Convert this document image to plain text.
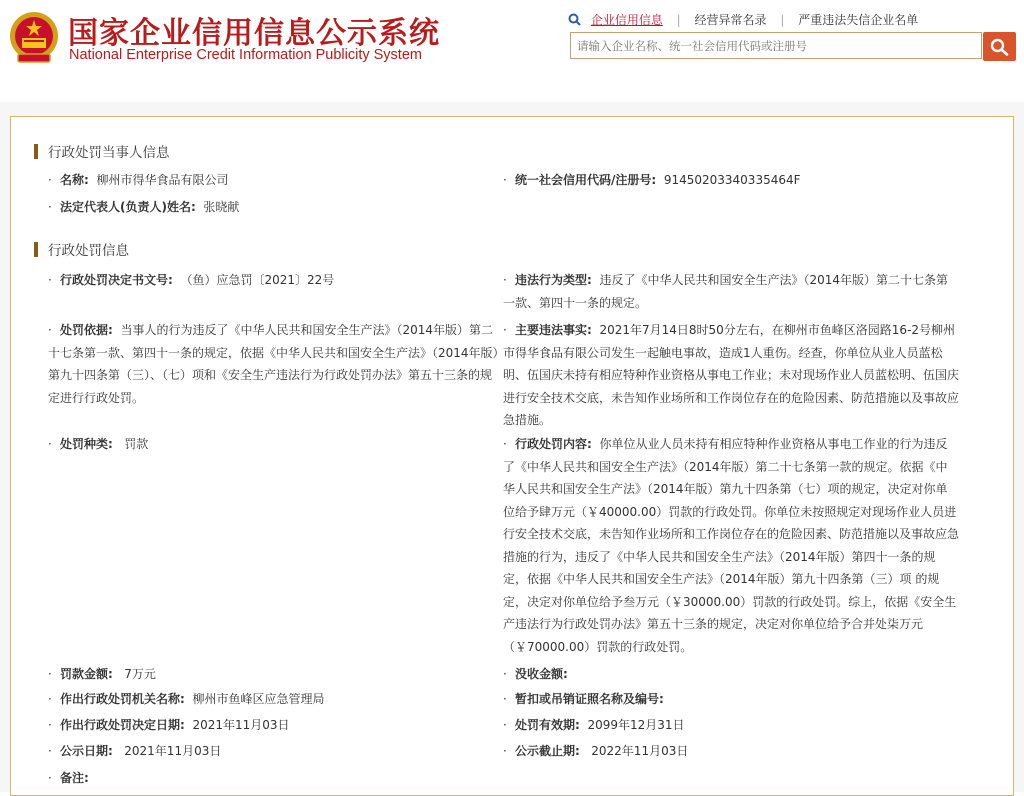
国家企业信用信息公示系统
National Enterprise Credit Information Publicity System
企业信用信息 | 经营异常名录 | 严重违法失信企业名单
请输入企业名称、统一社会信用代码或注册号
行政处罚当事人信息
· 名称: 柳州市得华食品有限公司	· 统一社会信用代码/注册号: 91450203340335464F
· 法定代表人(负责人)姓名: 张晓献
行政处罚信息
· 行政处罚决定书文号: （鱼）应急罚〔2021〕22号	· 违法行为类型: 违反了《中华人民共和国安全生产法》（2014年版）第二十七条第一款、第四十一条的规定。
· 处罚依据: 当事人的行为违反了《中华人民共和国安全生产法》（2014年版）第二十七条第一款、第四十一条的规定，依据《中华人民共和国安全生产法》（2014年版）第九十四条第（三）、（七）项和《安全生产违法行为行政处罚办法》第五十三条的规定进行行政处罚。
· 主要违法事实: 2021年7月14日8时50分左右，在柳州市鱼峰区洛园路16-2号柳州市得华食品有限公司发生一起触电事故，造成1人重伤。经查，你单位从业人员蓝松明、伍国庆未持有相应特种作业资格从事电工作业；未对现场作业人员蓝松明、伍国庆进行安全技术交底，未告知作业场所和工作岗位存在的危险因素、防范措施以及事故应急措施。
· 处罚种类: 罚款	· 行政处罚内容: 你单位从业人员未持有相应特种作业资格从事电工作业的行为违反了《中华人民共和国安全生产法》（2014年版）第二十七条第一款的规定。依据《中华人民共和国安全生产法》（2014年版）第九十四条第（七）项的规定，决定对你单位给予肆万元（￥40000.00）罚款的行政处罚。你单位未按照规定对现场作业人员进行安全技术交底，未告知作业场所和工作岗位存在的危险因素、防范措施以及事故应急措施的行为，违反了《中华人民共和国安全生产法》（2014年版）第四十一条的规定，依据《中华人民共和国安全生产法》（2014年版）第九十四条第（三）项 的规定，决定对你单位给予叁万元（￥30000.00）罚款的行政处罚。综上，依据《安全生产违法行为行政处罚办法》第五十三条的规定，决定对你单位给予合并处柒万元（￥70000.00）罚款的行政处罚。
· 罚款金额: 7万元	· 没收金额:
· 作出行政处罚机关名称: 柳州市鱼峰区应急管理局	· 暂扣或吊销证照名称及编号:
· 作出行政处罚决定日期: 2021年11月03日	· 处罚有效期: 2099年12月31日
· 公示日期: 2021年11月03日	· 公示截止期: 2022年11月03日
· 备注:
